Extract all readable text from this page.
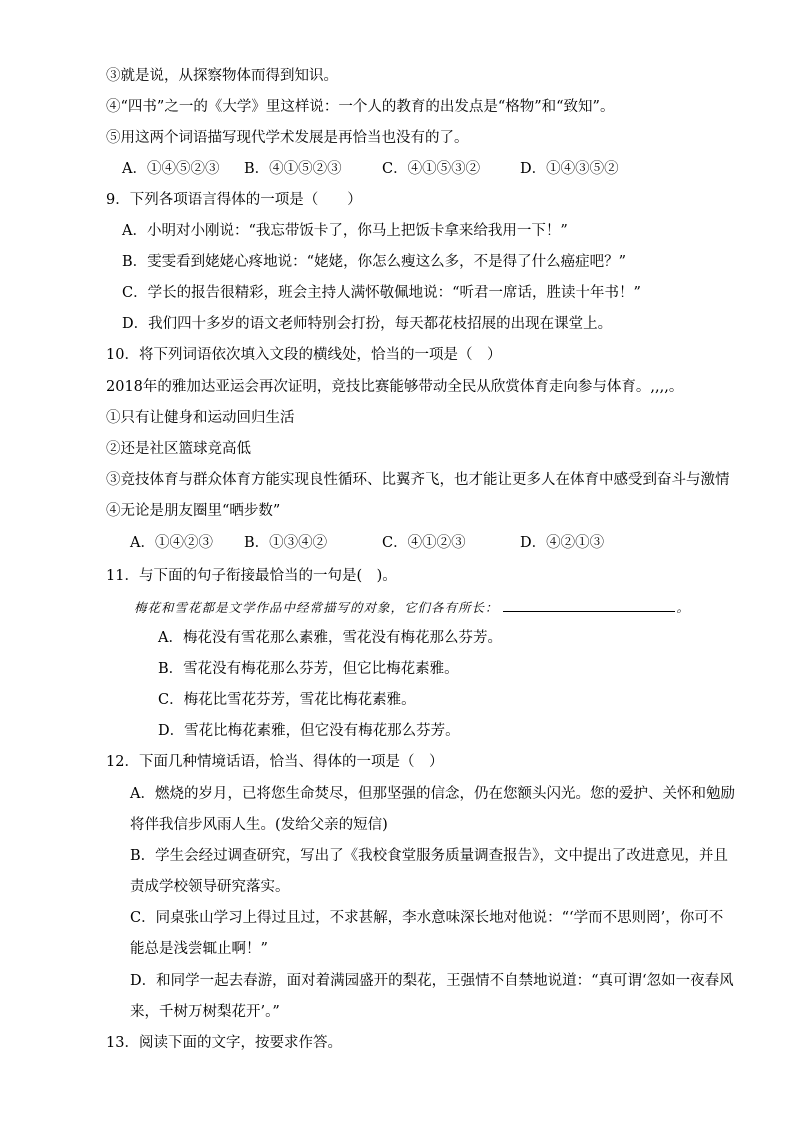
③就是说，从探察物体而得到知识。
④“四书”之一的《大学》里这样说：一个人的教育的出发点是“格物”和“致知”。
⑤用这两个词语描写现代学术发展是再恰当也没有的了。
A．①④⑤②③ B．④①⑤②③	C．④①⑤③②	D．①④③⑤②
9．下列各项语言得体的一项是（　　）
A．小明对小刚说：“我忘带饭卡了，你马上把饭卡拿来给我用一下！”
B．雯雯看到姥姥心疼地说：“姥姥，你怎么瘦这么多，不是得了什么癌症吧？”
C．学长的报告很精彩，班会主持人满怀敬佩地说：“听君一席话，胜读十年书！”
D．我们四十多岁的语文老师特别会打扮，每天都花枝招展的出现在课堂上。
10．将下列词语依次填入文段的横线处，恰当的一项是（　）
2018年的雅加达亚运会再次证明，竞技比赛能够带动全民从欣赏体育走向参与体育。,,,,。
①只有让健身和运动回归生活
②还是社区篮球竞高低
③竞技体育与群众体育方能实现良性循环、比翼齐飞，也才能让更多人在体育中感受到奋斗与激情
④无论是朋友圈里“晒步数”
A．①④②③ B．①③④②	C．④①②③	D．④②①③
11．与下面的句子衔接最恰当的一句是(　)。
梅花和雪花都是文学作品中经常描写的对象，它们各有所长：	。
A．梅花没有雪花那么素雅，雪花没有梅花那么芬芳。
B．雪花没有梅花那么芬芳，但它比梅花素雅。
C．梅花比雪花芬芳，雪花比梅花素雅。
D．雪花比梅花素雅，但它没有梅花那么芬芳。
12．下面几种情境话语，恰当、得体的一项是（　）
A．燃烧的岁月，已将您生命焚尽，但那坚强的信念，仍在您额头闪光。您的爱护、关怀和勉励
将伴我信步风雨人生。(发给父亲的短信)
B．学生会经过调查研究，写出了《我校食堂服务质量调查报告》，文中提出了改进意见，并且
责成学校领导研究落实。
C．同桌张山学习上得过且过，不求甚解，李水意味深长地对他说：“‘学而不思则罔’，你可不
能总是浅尝辄止啊！”
D．和同学一起去春游，面对着满园盛开的梨花，王强情不自禁地说道：“真可谓‘忽如一夜春风
来，千树万树梨花开’。”
13．阅读下面的文字，按要求作答。
